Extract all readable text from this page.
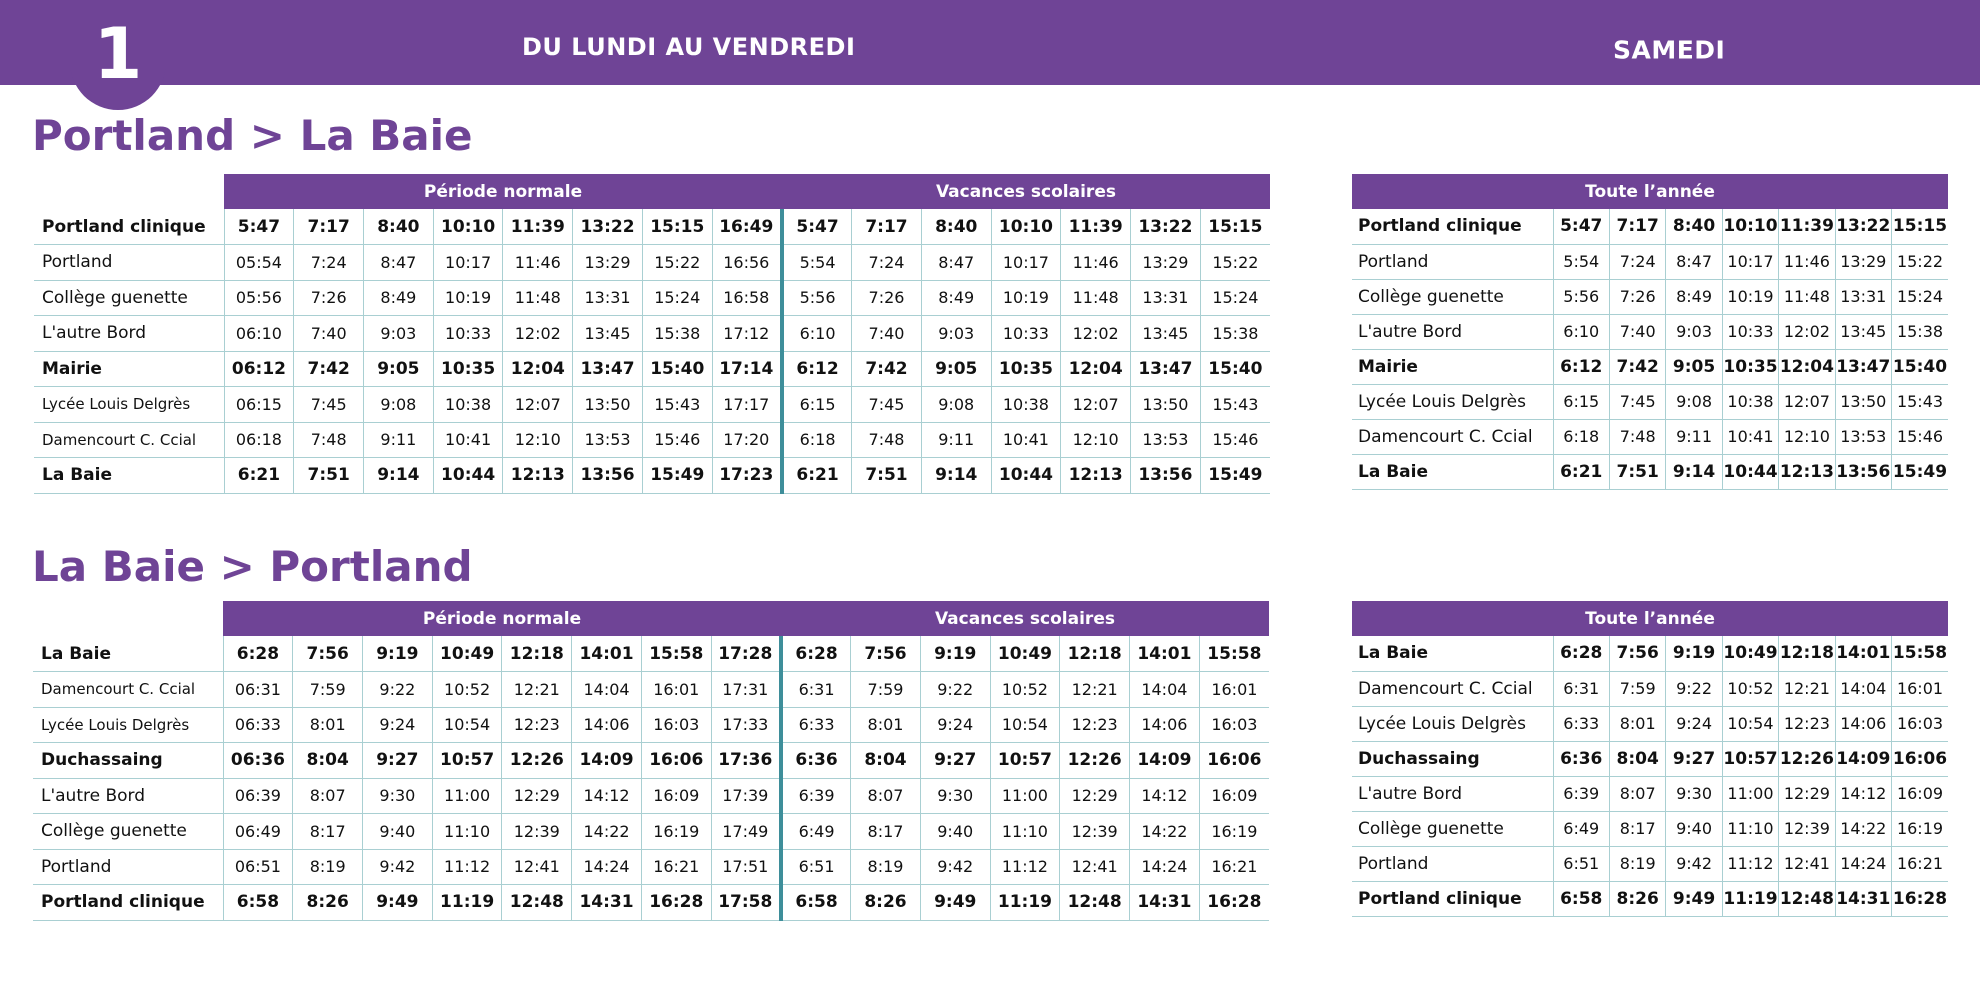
1	DU LUNDI AU VENDREDI	SAMEDI
Portland > La Baie
La Baie > Portland
	Période normale								Vacances scolaires						
Portland clinique	5:47	7:17	8:40	10:10	11:39	13:22	15:15	16:49	5:47	7:17	8:40	10:10	11:39	13:22	15:15
Portland	05:54	7:24	8:47	10:17	11:46	13:29	15:22	16:56	5:54	7:24	8:47	10:17	11:46	13:29	15:22
Collège guenette	05:56	7:26	8:49	10:19	11:48	13:31	15:24	16:58	5:56	7:26	8:49	10:19	11:48	13:31	15:24
L'autre Bord	06:10	7:40	9:03	10:33	12:02	13:45	15:38	17:12	6:10	7:40	9:03	10:33	12:02	13:45	15:38
Mairie	06:12	7:42	9:05	10:35	12:04	13:47	15:40	17:14	6:12	7:42	9:05	10:35	12:04	13:47	15:40
Lycée Louis Delgrès	06:15	7:45	9:08	10:38	12:07	13:50	15:43	17:17	6:15	7:45	9:08	10:38	12:07	13:50	15:43
Damencourt C. Ccial	06:18	7:48	9:11	10:41	12:10	13:53	15:46	17:20	6:18	7:48	9:11	10:41	12:10	13:53	15:46
La Baie	6:21	7:51	9:14	10:44	12:13	13:56	15:49	17:23	6:21	7:51	9:14	10:44	12:13	13:56	15:49
	Période normale								Vacances scolaires						
La Baie	6:28	7:56	9:19	10:49	12:18	14:01	15:58	17:28	6:28	7:56	9:19	10:49	12:18	14:01	15:58
Damencourt C. Ccial	06:31	7:59	9:22	10:52	12:21	14:04	16:01	17:31	6:31	7:59	9:22	10:52	12:21	14:04	16:01
Lycée Louis Delgrès	06:33	8:01	9:24	10:54	12:23	14:06	16:03	17:33	6:33	8:01	9:24	10:54	12:23	14:06	16:03
Duchassaing	06:36	8:04	9:27	10:57	12:26	14:09	16:06	17:36	6:36	8:04	9:27	10:57	12:26	14:09	16:06
L'autre Bord	06:39	8:07	9:30	11:00	12:29	14:12	16:09	17:39	6:39	8:07	9:30	11:00	12:29	14:12	16:09
Collège guenette	06:49	8:17	9:40	11:10	12:39	14:22	16:19	17:49	6:49	8:17	9:40	11:10	12:39	14:22	16:19
Portland	06:51	8:19	9:42	11:12	12:41	14:24	16:21	17:51	6:51	8:19	9:42	11:12	12:41	14:24	16:21
Portland clinique	6:58	8:26	9:49	11:19	12:48	14:31	16:28	17:58	6:58	8:26	9:49	11:19	12:48	14:31	16:28
Toute l’année							
Portland clinique	5:47	7:17	8:40	10:10	11:39	13:22	15:15
Portland	5:54	7:24	8:47	10:17	11:46	13:29	15:22
Collège guenette	5:56	7:26	8:49	10:19	11:48	13:31	15:24
L'autre Bord	6:10	7:40	9:03	10:33	12:02	13:45	15:38
Mairie	6:12	7:42	9:05	10:35	12:04	13:47	15:40
Lycée Louis Delgrès	6:15	7:45	9:08	10:38	12:07	13:50	15:43
Damencourt C. Ccial	6:18	7:48	9:11	10:41	12:10	13:53	15:46
La Baie	6:21	7:51	9:14	10:44	12:13	13:56	15:49
Toute l’année							
La Baie	6:28	7:56	9:19	10:49	12:18	14:01	15:58
Damencourt C. Ccial	6:31	7:59	9:22	10:52	12:21	14:04	16:01
Lycée Louis Delgrès	6:33	8:01	9:24	10:54	12:23	14:06	16:03
Duchassaing	6:36	8:04	9:27	10:57	12:26	14:09	16:06
L'autre Bord	6:39	8:07	9:30	11:00	12:29	14:12	16:09
Collège guenette	6:49	8:17	9:40	11:10	12:39	14:22	16:19
Portland	6:51	8:19	9:42	11:12	12:41	14:24	16:21
Portland clinique	6:58	8:26	9:49	11:19	12:48	14:31	16:28
